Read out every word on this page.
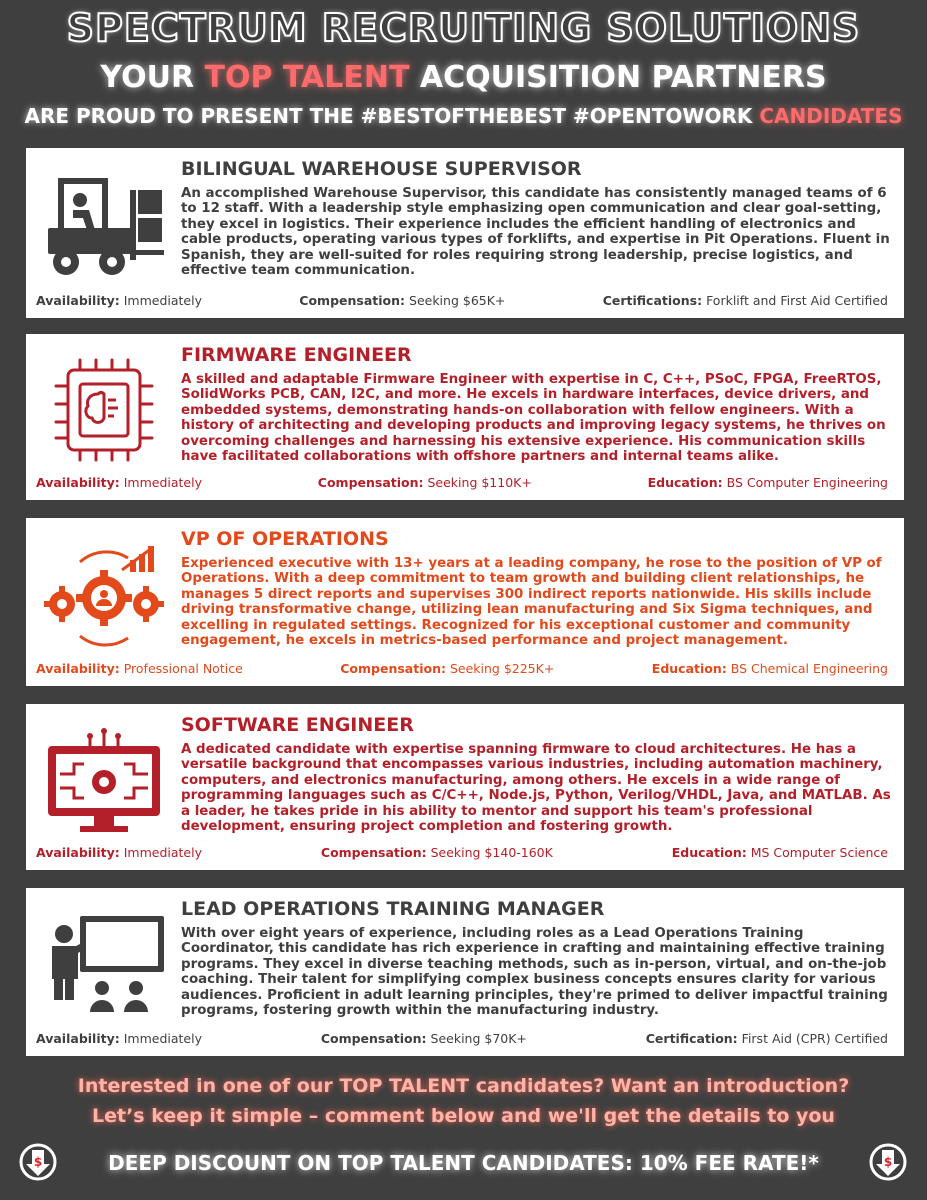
SPECTRUM RECRUITING SOLUTIONS
YOUR TOP TALENT ACQUISITION PARTNERS
ARE PROUD TO PRESENT THE #BESTOFTHEBEST #OPENTOWORK CANDIDATES
BILINGUAL WAREHOUSE SUPERVISOR
An accomplished Warehouse Supervisor, this candidate has consistently managed teams of 6 to 12 staff. With a leadership style emphasizing open communication and clear goal-setting, they excel in logistics. Their experience includes the efficient handling of electronics and cable products, operating various types of forklifts, and expertise in Pit Operations. Fluent in Spanish, they are well-suited for roles requiring strong leadership, precise logistics, and effective team communication.
Availability: Immediately	Compensation: Seeking $65K+	Certifications: Forklift and First Aid Certified
FIRMWARE ENGINEER
A skilled and adaptable Firmware Engineer with expertise in C, C++, PSoC, FPGA, FreeRTOS, SolidWorks PCB, CAN, I2C, and more. He excels in hardware interfaces, device drivers, and embedded systems, demonstrating hands-on collaboration with fellow engineers. With a history of architecting and developing products and improving legacy systems, he thrives on overcoming challenges and harnessing his extensive experience. His communication skills have facilitated collaborations with offshore partners and internal teams alike.
Availability: Immediately	Compensation: Seeking $110K+	Education: BS Computer Engineering
VP OF OPERATIONS
Experienced executive with 13+ years at a leading company, he rose to the position of VP of Operations. With a deep commitment to team growth and building client relationships, he manages 5 direct reports and supervises 300 indirect reports nationwide. His skills include driving transformative change, utilizing lean manufacturing and Six Sigma techniques, and excelling in regulated settings. Recognized for his exceptional customer and community engagement, he excels in metrics-based performance and project management.
Availability: Professional Notice	Compensation: Seeking $225K+	Education: BS Chemical Engineering
SOFTWARE ENGINEER
A dedicated candidate with expertise spanning firmware to cloud architectures. He has a versatile background that encompasses various industries, including automation machinery, computers, and electronics manufacturing, among others. He excels in a wide range of programming languages such as C/C++, Node.js, Python, Verilog/VHDL, Java, and MATLAB. As a leader, he takes pride in his ability to mentor and support his team's professional development, ensuring project completion and fostering growth.
Availability: Immediately	Compensation: Seeking $140-160K	Education: MS Computer Science
LEAD OPERATIONS TRAINING MANAGER
With over eight years of experience, including roles as a Lead Operations Training Coordinator, this candidate has rich experience in crafting and maintaining effective training programs. They excel in diverse teaching methods, such as in-person, virtual, and on-the-job coaching. Their talent for simplifying complex business concepts ensures clarity for various audiences. Proficient in adult learning principles, they're primed to deliver impactful training programs, fostering growth within the manufacturing industry.
Availability: Immediately	Compensation: Seeking $70K+	Certification: First Aid (CPR) Certified
Interested in one of our TOP TALENT candidates? Want an introduction?
Let’s keep it simple – comment below and we'll get the details to you
$	DEEP DISCOUNT ON TOP TALENT CANDIDATES: 10% FEE RATE!*	$
